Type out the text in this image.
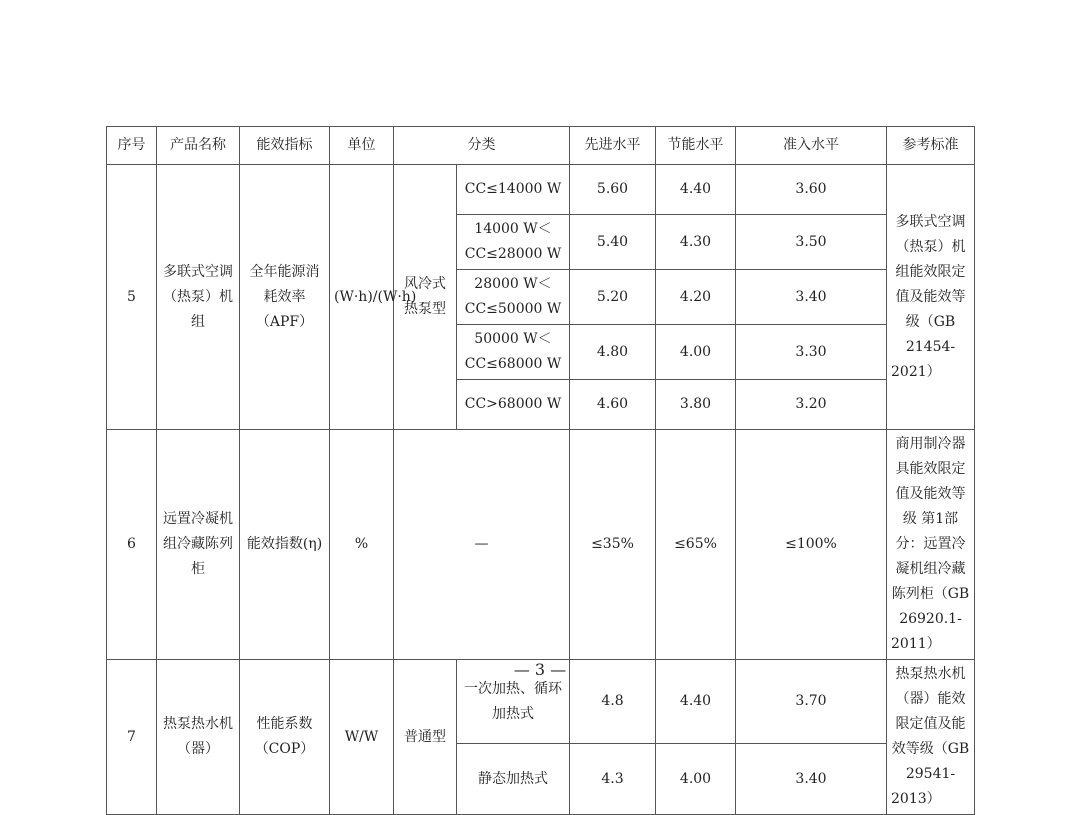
序号	产品名称	能效指标	单位	分类		先进水平	节能水平	准入水平	参考标准
5	多联式空调（热泵）机组	全年能源消耗效率（APF）	(W·h)/(W·h)	风冷式热泵型	CC≤14000 W	5.60	4.40	3.60	多联式空调（热泵）机组能效限定值及能效等级（GB 21454-2021）
					14000 W＜CC≤28000 W	5.40	4.30	3.50	
					28000 W＜CC≤50000 W	5.20	4.20	3.40	
					50000 W＜CC≤68000 W	4.80	4.00	3.30	
					CC>68000 W	4.60	3.80	3.20	
6	远置冷凝机组冷藏陈列柜	能效指数(η)	%	—		≤35%	≤65%	≤100%	商用制冷器具能效限定值及能效等级 第1部分：远置冷凝机组冷藏陈列柜（GB 26920.1-2011）
7	热泵热水机（器）	性能系数（COP）	W/W	普通型	一次加热、循环加热式	4.8	4.40	3.70	热泵热水机（器）能效限定值及能效等级（GB 29541-2013）
					静态加热式	4.3	4.00	3.40	
— 3 —
